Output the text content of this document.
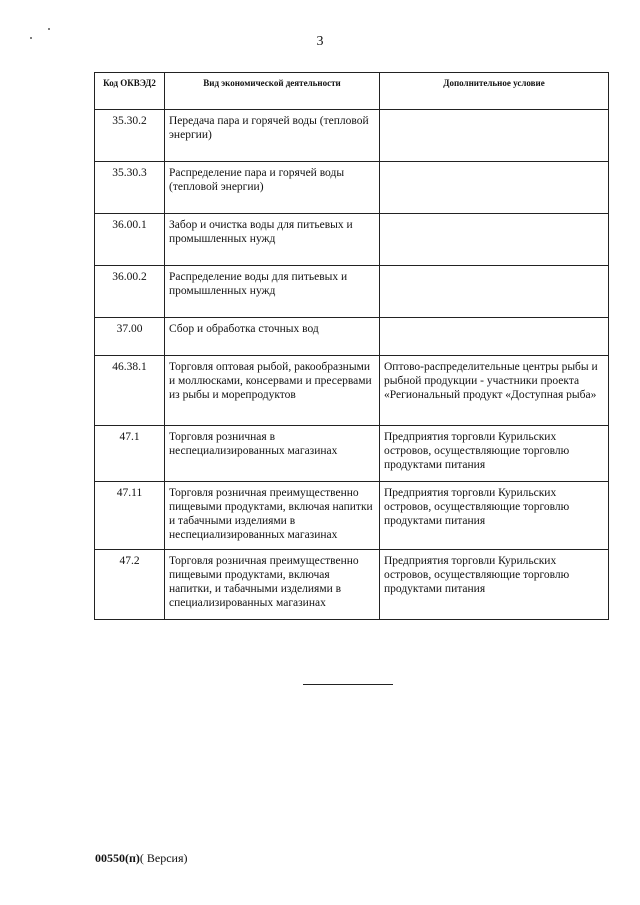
3
Код ОКВЭД2	Вид экономической деятельности	Дополнительное условие
35.30.2	Передача пара и горячей воды (тепловой энергии)	
35.30.3	Распределение пара и горячей воды (тепловой энергии)	
36.00.1	Забор и очистка воды для питьевых и промышленных нужд	
36.00.2	Распределение воды для питьевых и промышленных нужд	
37.00	Сбор и обработка сточных вод	
46.38.1	Торговля оптовая рыбой, ракообразными и моллюсками, консервами и пресервами из рыбы и морепродуктов	Оптово-распределительные центры рыбы и рыбной продукции - участники проекта «Региональный продукт «Доступная рыба»
47.1	Торговля розничная в неспециализированных магазинах	Предприятия торговли Курильских островов, осуществляющие торговлю продуктами питания
47.11	Торговля розничная преимущественно пищевыми продуктами, включая напитки и табачными изделиями в неспециализированных магазинах	Предприятия торговли Курильских островов, осуществляющие торговлю продуктами питания
47.2	Торговля розничная преимущественно пищевыми продуктами, включая напитки, и табачными изделиями в специализированных магазинах	Предприятия торговли Курильских островов, осуществляющие торговлю продуктами питания
00550(п)( Версия)
